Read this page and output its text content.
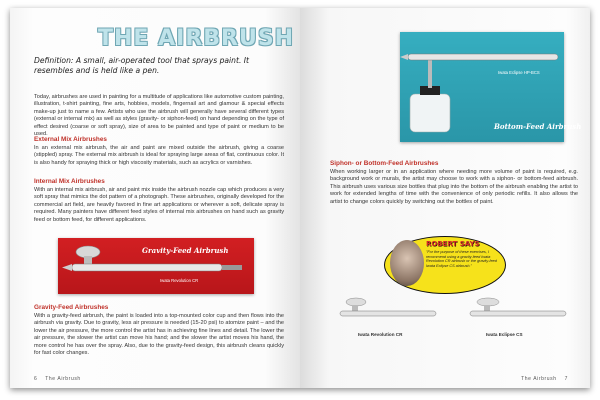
THE AIRBRUSH
Definition: A small, air-operated tool that sprays paint. It resembles and is held like a pen.
Today, airbrushes are used in painting for a multitude of applications like automotive custom painting, illustration, t-shirt painting, fine arts, hobbies, models, fingernail art and glamour & special effects make-up just to name a few. Artists who use the airbrush will generally have several different types (external or internal mix) as well as styles (gravity- or siphon-feed) on hand depending on the type of effect desired (coarse or soft spray), size of area to be painted and type of paint or medium to be used.
External Mix Airbrushes
In an external mix airbrush, the air and paint are mixed outside the airbrush, giving a coarse (stippled) spray. The external mix airbrush is ideal for spraying large areas of flat, continuous color. It is also handy for spraying thick or high viscosity materials, such as acrylics or varnishes.
Internal Mix Airbrushes
With an internal mix airbrush, air and paint mix inside the airbrush nozzle cap which produces a very soft spray that mimics the dot pattern of a photograph. These airbrushes, originally developed for the commercial art field, are heavily favored in fine art applications or wherever a soft, delicate spray is required. Many painters have different feed styles of internal mix airbrushes on hand such as gravity feed or bottom feed, for different applications.
Gravity-Feed Airbrush
Iwata Revolution CR
Gravity-Feed Airbrushes
With a gravity-feed airbrush, the paint is loaded into a top-mounted color cup and then flows into the airbrush via gravity. Due to gravity, less air pressure is needed (15-20 psi) to atomize paint – and the lower the air pressure, the more control the artist has in achieving fine lines and detail. The lower the air pressure, the slower the artist can move his hand; and the slower the artist moves his hand, the more control he has over the spray. Also, due to the gravity-feed design, this airbrush cleans quickly for fast color changes.
6 The Airbrush
Iwata Eclipse HP-BCS
Bottom-Feed Airbrush
Siphon- or Bottom-Feed Airbrushes
When working larger or in an application where needing more volume of paint is required, e.g. background work or murals, the artist may choose to work with a siphon- or bottom-feed airbrush. This airbrush uses various size bottles that plug into the bottom of the airbrush enabling the artist to work for extended lengths of time with the convenience of only periodic refills. It also allows the artist to change colors quickly by switching out the bottles of paint.
ROBERT SAYS
"For the purpose of these exercises, I recommend using a gravity-feed Iwata Revolution CR airbrush or the gravity-feed Iwata Eclipse CS airbrush."
Iwata Revolution CR	Iwata Eclipse CS
The Airbrush 7
